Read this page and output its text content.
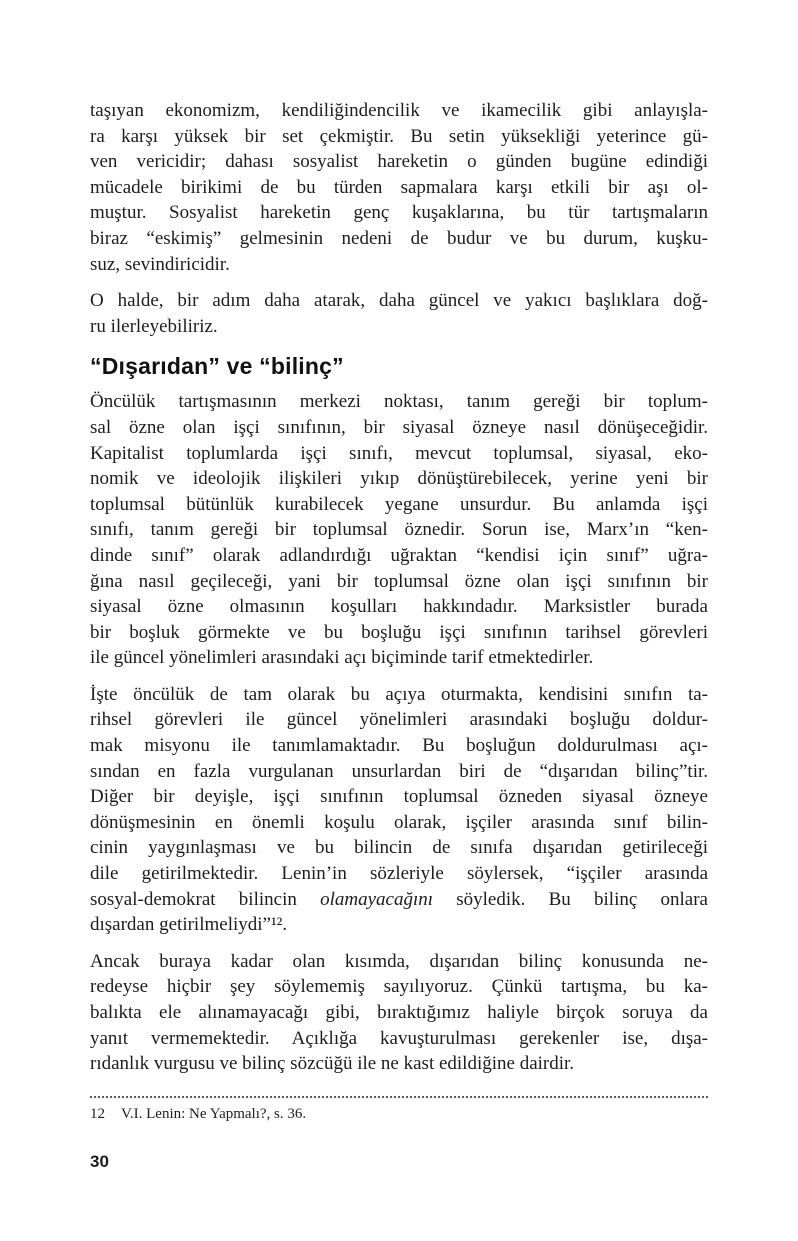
taşıyan ekonomizm, kendiliğindencilik ve ikamecilik gibi anlayışla-
ra karşı yüksek bir set çekmiştir. Bu setin yüksekliği yeterince gü-
ven vericidir; dahası sosyalist hareketin o günden bugüne edindiği
mücadele birikimi de bu türden sapmalara karşı etkili bir aşı ol-
muştur. Sosyalist hareketin genç kuşaklarına, bu tür tartışmaların
biraz “eskimiş” gelmesinin nedeni de budur ve bu durum, kuşku-
suz, sevindiricidir.
O halde, bir adım daha atarak, daha güncel ve yakıcı başlıklara doğ-
ru ilerleyebiliriz.
“Dışarıdan” ve “bilinç”
Öncülük tartışmasının merkezi noktası, tanım gereği bir toplum-
sal özne olan işçi sınıfının, bir siyasal özneye nasıl dönüşeceğidir.
Kapitalist toplumlarda işçi sınıfı, mevcut toplumsal, siyasal, eko-
nomik ve ideolojik ilişkileri yıkıp dönüştürebilecek, yerine yeni bir
toplumsal bütünlük kurabilecek yegane unsurdur. Bu anlamda işçi
sınıfı, tanım gereği bir toplumsal öznedir. Sorun ise, Marx’ın “ken-
dinde sınıf” olarak adlandırdığı uğraktan “kendisi için sınıf” uğra-
ğına nasıl geçileceği, yani bir toplumsal özne olan işçi sınıfının bir
siyasal özne olmasının koşulları hakkındadır. Marksistler burada
bir boşluk görmekte ve bu boşluğu işçi sınıfının tarihsel görevleri
ile güncel yönelimleri arasındaki açı biçiminde tarif etmektedirler.
İşte öncülük de tam olarak bu açıya oturmakta, kendisini sınıfın ta-
rihsel görevleri ile güncel yönelimleri arasındaki boşluğu doldur-
mak misyonu ile tanımlamaktadır. Bu boşluğun doldurulması açı-
sından en fazla vurgulanan unsurlardan biri de “dışarıdan bilinç”tir.
Diğer bir deyişle, işçi sınıfının toplumsal özneden siyasal özneye
dönüşmesinin en önemli koşulu olarak, işçiler arasında sınıf bilin-
cinin yaygınlaşması ve bu bilincin de sınıfa dışarıdan getirileceği
dile getirilmektedir. Lenin’in sözleriyle söylersek, “işçiler arasında
sosyal-demokrat bilincin olamayacağını söyledik. Bu bilinç onlara
dışardan getirilmeliydi”¹².
Ancak buraya kadar olan kısımda, dışarıdan bilinç konusunda ne-
redeyse hiçbir şey söylememiş sayılıyoruz. Çünkü tartışma, bu ka-
balıkta ele alınamayacağı gibi, bıraktığımız haliyle birçok soruya da
yanıt vermemektedir. Açıklığa kavuşturulması gerekenler ise, dışa-
rıdanlık vurgusu ve bilinç sözcüğü ile ne kast edildiğine dairdir.
12 V.I. Lenin: Ne Yapmalı?, s. 36.
30
